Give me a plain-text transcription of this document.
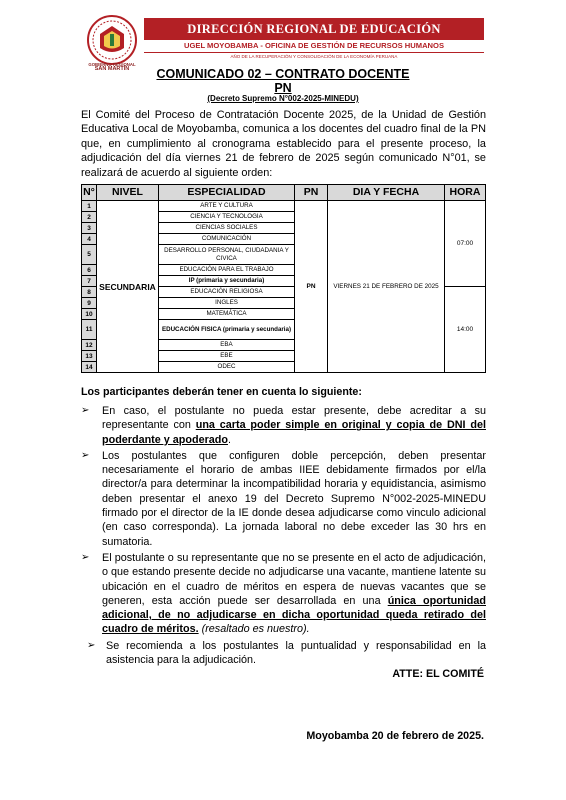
GOBIERNO REGIONAL
SAN MARTÍN
DIRECCIÓN REGIONAL DE EDUCACIÓN
UGEL MOYOBAMBA - OFICINA DE GESTIÓN DE RECURSOS HUMANOS
AÑO DE LA RECUPERACIÓN Y CONSOLIDACIÓN DE LA ECONOMÍA PERUANA
COMUNICADO 02 – CONTRATO DOCENTE
PN
(Decreto Supremo N°002-2025-MINEDU)
El Comité del Proceso de Contratación Docente 2025, de la Unidad de Gestión Educativa Local de Moyobamba, comunica a los docentes del cuadro final de la PN que, en cumplimiento al cronograma establecido para el presente proceso, la adjudicación del día viernes 21 de febrero de 2025 según comunicado N°01, se realizará de acuerdo al siguiente orden:
N°	NIVEL	ESPECIALIDAD	PN	DIA Y FECHA	HORA
1	SECUNDARIA	ARTE Y CULTURA	PN	VIERNES 21 DE FEBRERO DE 2025	07:00
2		CIENCIA Y TECNOLOGIA			
3		CIENCIAS SOCIALES			
4		COMUNICACIÓN			
5		DESARROLLO PERSONAL, CIUDADANIA Y CIVICA			
6		EDUCACIÓN PARA EL TRABAJO			
7		IP (primaria y secundaria)			
8		EDUCACIÓN RELIGIOSA			14:00
9		INGLES			
10		MATEMÁTICA			
11		EDUCACIÓN FISICA (primaria y secundaria)			
12		EBA			
13		EBE			
14		ODEC			
Los participantes deberán tener en cuenta lo siguiente:
➢ En caso, el postulante no pueda estar presente, debe acreditar a su representante con una carta poder simple en original y copia de DNI del poderdante y apoderado.
➢ Los postulantes que configuren doble percepción, deben presentar necesariamente el horario de ambas IIEE debidamente firmados por el/la director/a para determinar la incompatibilidad horaria y equidistancia, asimismo deben presentar el anexo 19 del Decreto Supremo N°002-2025-MINEDU firmado por el director de la IE donde desea adjudicarse como vinculo adicional (en caso corresponda). La jornada laboral no debe exceder las 30 hrs en sumatoria.
➢ El postulante o su representante que no se presente en el acto de adjudicación, o que estando presente decide no adjudicarse una vacante, mantiene latente su ubicación en el cuadro de méritos en espera de nuevas vacantes que se generen, esta acción puede ser desarrollada en una única oportunidad adicional, de no adjudicarse en dicha oportunidad queda retirado del cuadro de méritos. (resaltado es nuestro).
➢ Se recomienda a los postulantes la puntualidad y responsabilidad en la asistencia para la adjudicación.
ATTE: EL COMITÉ
Moyobamba 20 de febrero de 2025.
